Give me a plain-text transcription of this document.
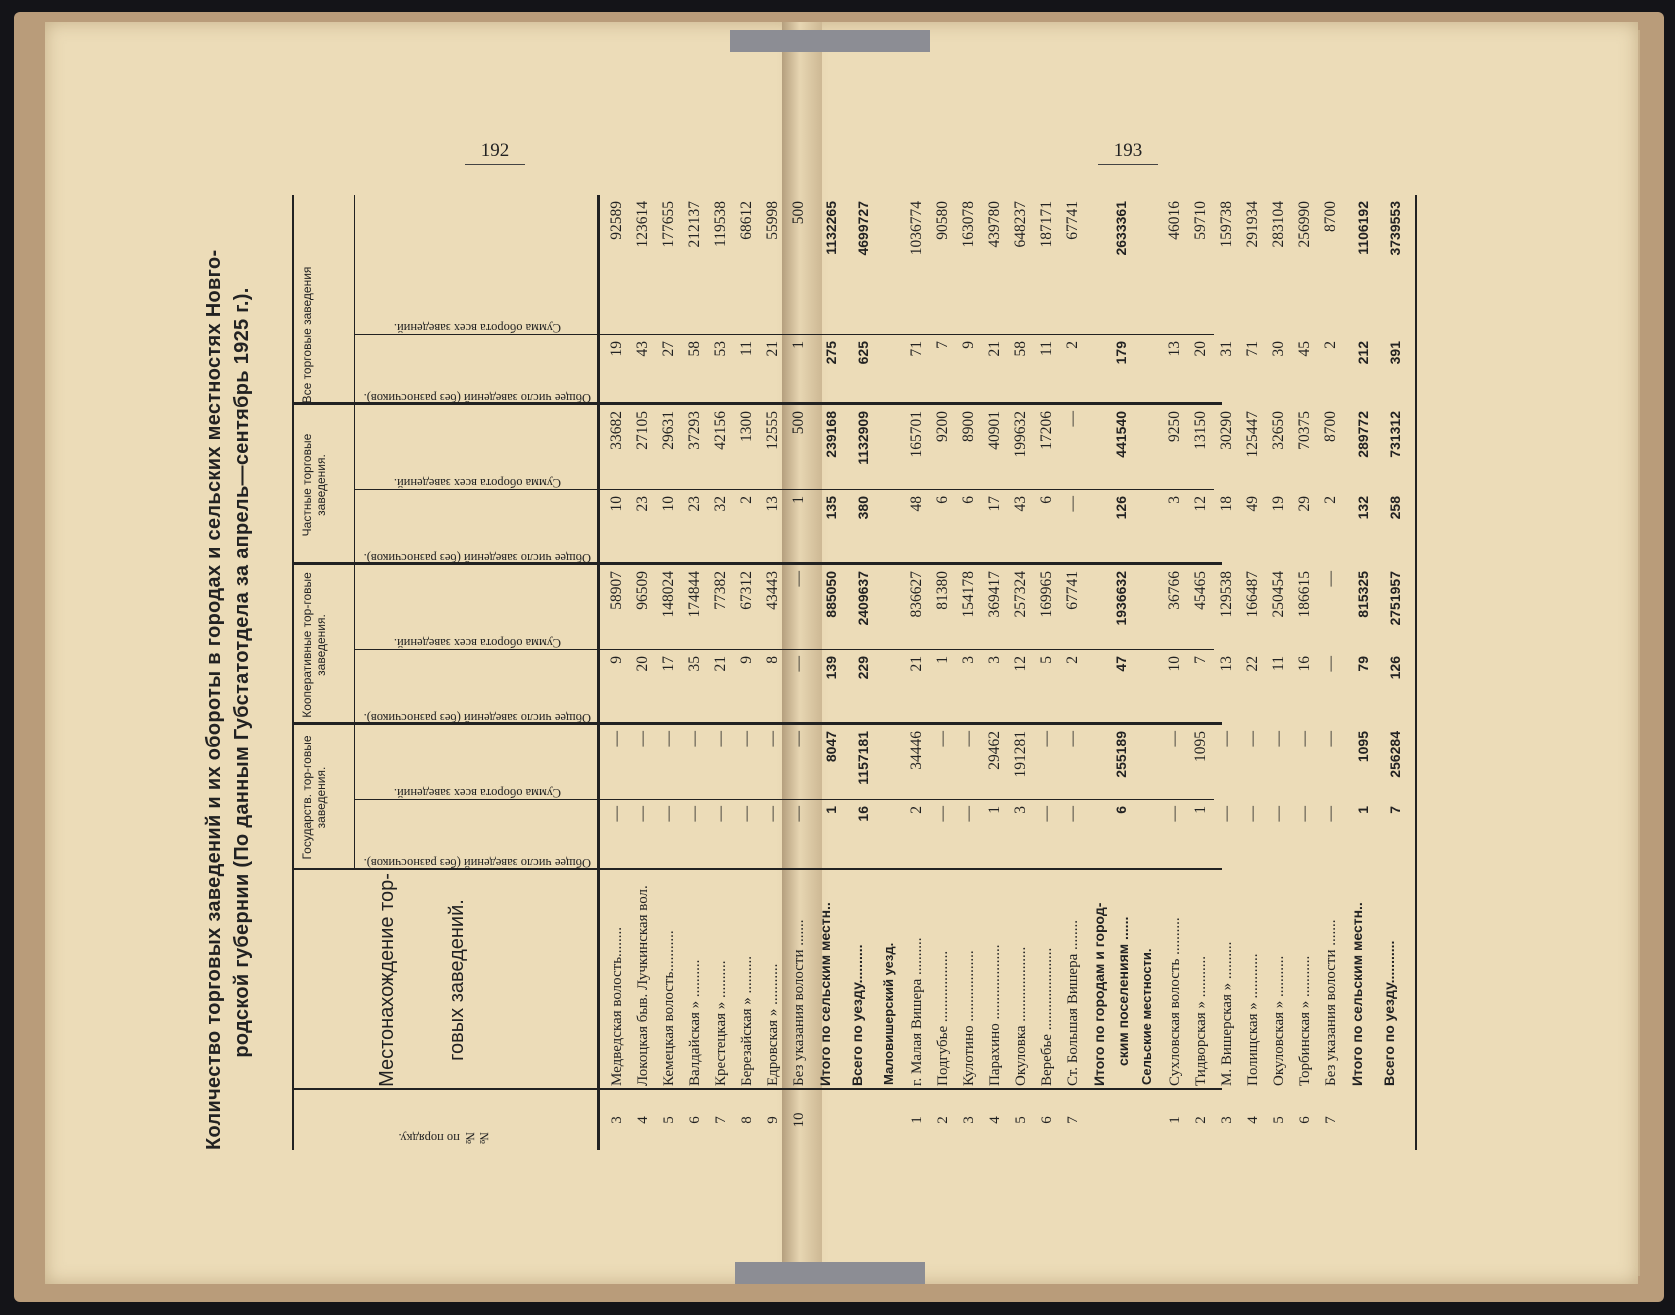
192	193
Количество торговых заведений и их обороты в городах и сельских местностях Новго- родской губернии (По данным Губстатотдела за апрель—сентябрь 1925 г.).
№№ по порядку.
Местонахождение тор-	говых заведений.
Государств. тор-говые заведения.
Кооперативные тор-говые заведения.
Частные торговые заведения.
Все торговые заведения
Общее число заведений (без разносчиков).
Сумма оборота всех заведений.
Общее число заведений (без разносчиков).
Сумма оборота всех заведений.
Общее число заведений (без разносчиков).
Сумма оборота всех заведений.
Общее число заведений (без разносчиков).
Сумма оборота всех заведений.
3
Медведская волость........
—
—
9
58907
10
33682
19
92589
4
Локоцкая быв. Лучкинская вол.
—
—
20
96509
23
27105
43
123614
5
Кемецкая волость...........
—
—
17
148024
10
29631
27
177655
6
Валдайская » ..........
—
—
35
174844
23
37293
58
212137
7
Крестецкая » ..........
—
—
21
77382
32
42156
53
119538
8
Березайская » ..........
—
—
9
67312
2
1300
11
68612
9
Едровская » ...........
—
—
8
43443
13
12555
21
55998
10
Без указания волости .......
—
—
—
—
1
500
1
500
Итого по сельским местн..
1
8047
139
885050
135
239168
275
1132265
Всего по уезду..........
16
1157181
229
2409637
380
1132909
625
4699727
Маловишерский уезд.
1
г. Малая Вишера ..........
2
34446
21
836627
48
165701
71
1036774
2
Подгубье ...................
—
—
1
81380
6
9200
7
90580
3
Кулотино ...................
—
—
3
154178
6
8900
9
163078
4
Парахино ....................
1
29462
3
369417
17
40901
21
439780
5
Окуловка ....................
3
191281
12
257324
43
199632
58
648237
6
Веребье ......................
—
—
5
169965
6
17206
11
187171
7
Ст. Большая Вишера ........
—
—
2
67741
—
—
2
67741
Итого по городам и город- ским поселениям ......
6
255189
47
1936632
126
441540
179
2633361
Сельские местности.
1
Сухловская волость ..........
—
—
10
36766
3
9250
13
46016
2
Тидворская » ...........
1
1095
7
45465
12
13150
20
59710
3
М. Вишерская » ..........
—
—
13
129538
18
30290
31
159738
4
Полищская » ............
—
—
22
166487
49
125447
71
291934
5
Окуловская » ...........
—
—
11
250454
19
32650
30
283104
6
Торбинская » ...........
—
—
16
186615
29
70375
45
256990
7
Без указания волости .......
—
—
—
—
2
8700
2
8700
Итого по сельским местн..
1
1095
79
815325
132
289772
212
1106192
Всего по уезду...........
7
256284
126
2751957
258
731312
391
3739553
